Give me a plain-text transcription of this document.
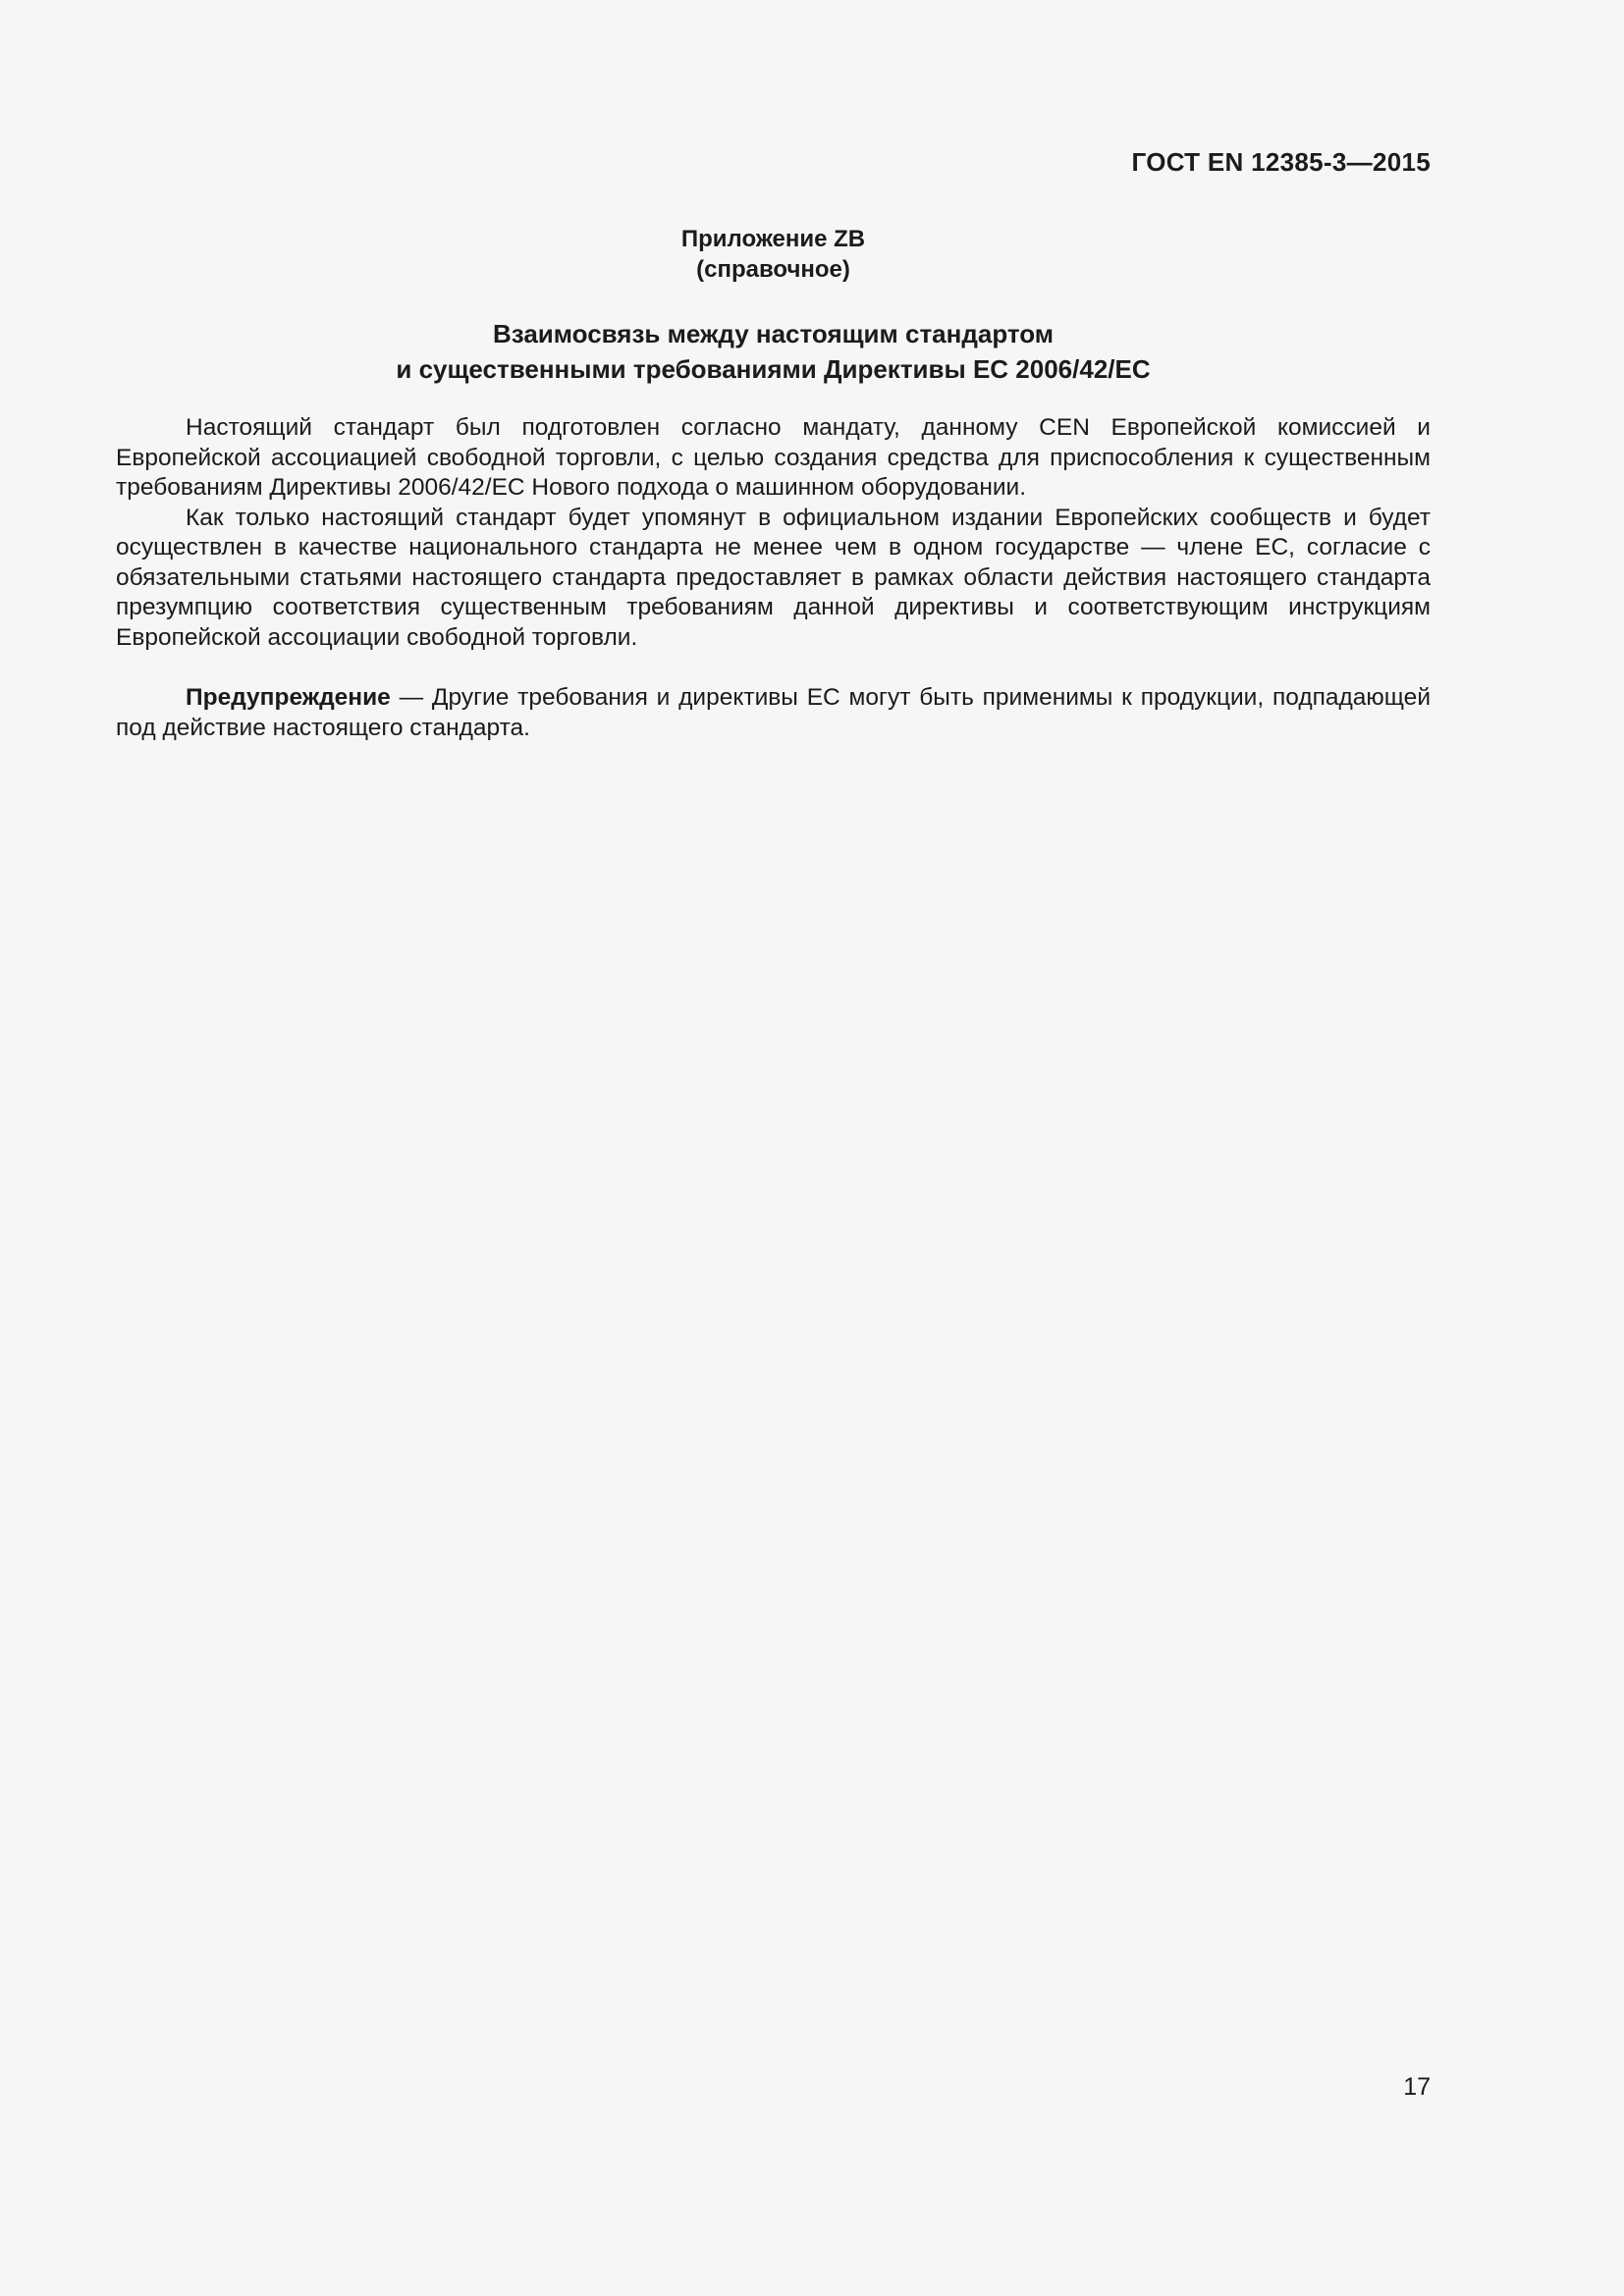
ГОСТ EN 12385-3—2015
Приложение ZB
(справочное)
Взаимосвязь между настоящим стандартом
и существенными требованиями Директивы ЕС 2006/42/ЕС

Настоящий стандарт был подготовлен согласно мандату, данному CEN Европейской комиссией и Европейской ассоциацией свободной торговли, с целью создания средства для приспособления к существенным требованиям Директивы 2006/42/ЕС Нового подхода о машинном оборудовании.

Как только настоящий стандарт будет упомянут в официальном издании Европейских сообществ и будет осуществлен в качестве национального стандарта не менее чем в одном государстве — члене ЕС, согласие с обязательными статьями настоящего стандарта предоставляет в рамках области действия настоящего стандарта презумпцию соответствия существенным требованиям данной директивы и соответствующим инструкциям Европейской ассоциации свободной торговли.

Предупреждение — Другие требования и директивы ЕС могут быть применимы к продукции, подпадающей под действие настоящего стандарта.

17
